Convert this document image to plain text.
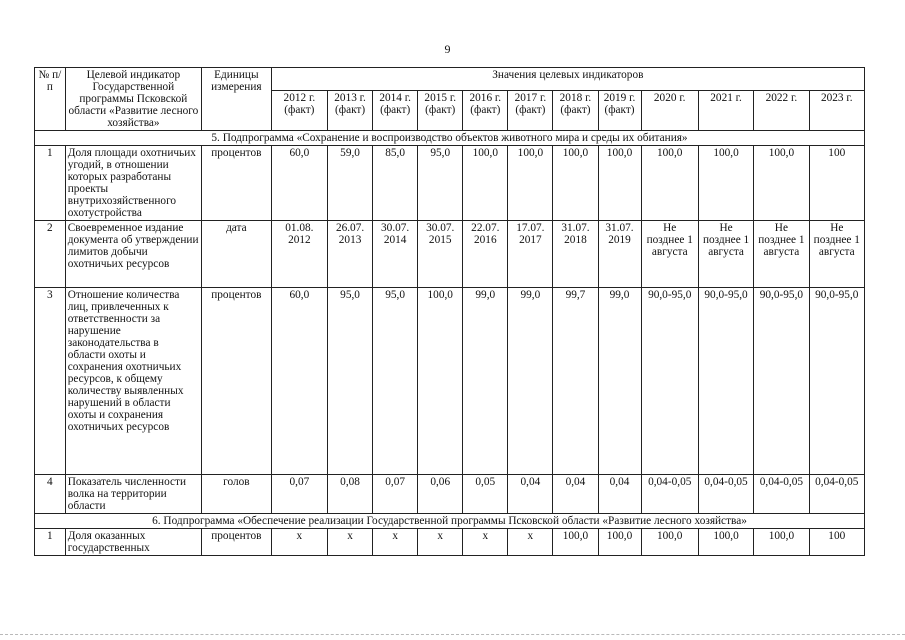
9
№ п/п	Целевой индикатор Государственной программы Псковской области «Развитие лесного хозяйства»	Единицы измерения	Значения целевых индикаторов											
			2012 г. (факт)	2013 г. (факт)	2014 г. (факт)	2015 г. (факт)	2016 г. (факт)	2017 г. (факт)	2018 г. (факт)	2019 г. (факт)	2020 г.	2021 г.	2022 г.	2023 г.
5. Подпрограмма «Сохранение и воспроизводство объектов животного мира и среды их обитания»														
1	Доля площади охотничьих угодий, в отношении которых разработаны проекты внутрихозяйственного охотустройства	процентов	60,0	59,0	85,0	95,0	100,0	100,0	100,0	100,0	100,0	100,0	100,0	100
2	Своевременное издание документа об утверждении лимитов добычи охотничьих ресурсов	дата	01.08. 2012	26.07. 2013	30.07. 2014	30.07. 2015	22.07. 2016	17.07. 2017	31.07. 2018	31.07. 2019	Не позднее 1 августа	Не позднее 1 августа	Не позднее 1 августа	Не позднее 1 августа
3	Отношение количества лиц, привлеченных к ответственности за нарушение законодательства в области охоты и сохранения охотничьих ресурсов, к общему количеству выявленных нарушений в области охоты и сохранения охотничьих ресурсов	процентов	60,0	95,0	95,0	100,0	99,0	99,0	99,7	99,0	90,0-95,0	90,0-95,0	90,0-95,0	90,0-95,0
4	Показатель численности волка на территории области	голов	0,07	0,08	0,07	0,06	0,05	0,04	0,04	0,04	0,04-0,05	0,04-0,05	0,04-0,05	0,04-0,05
6. Подпрограмма «Обеспечение реализации Государственной программы Псковской области «Развитие лесного хозяйства»														
1	Доля оказанных государственных	процентов	х	х	х	х	х	х	100,0	100,0	100,0	100,0	100,0	100
